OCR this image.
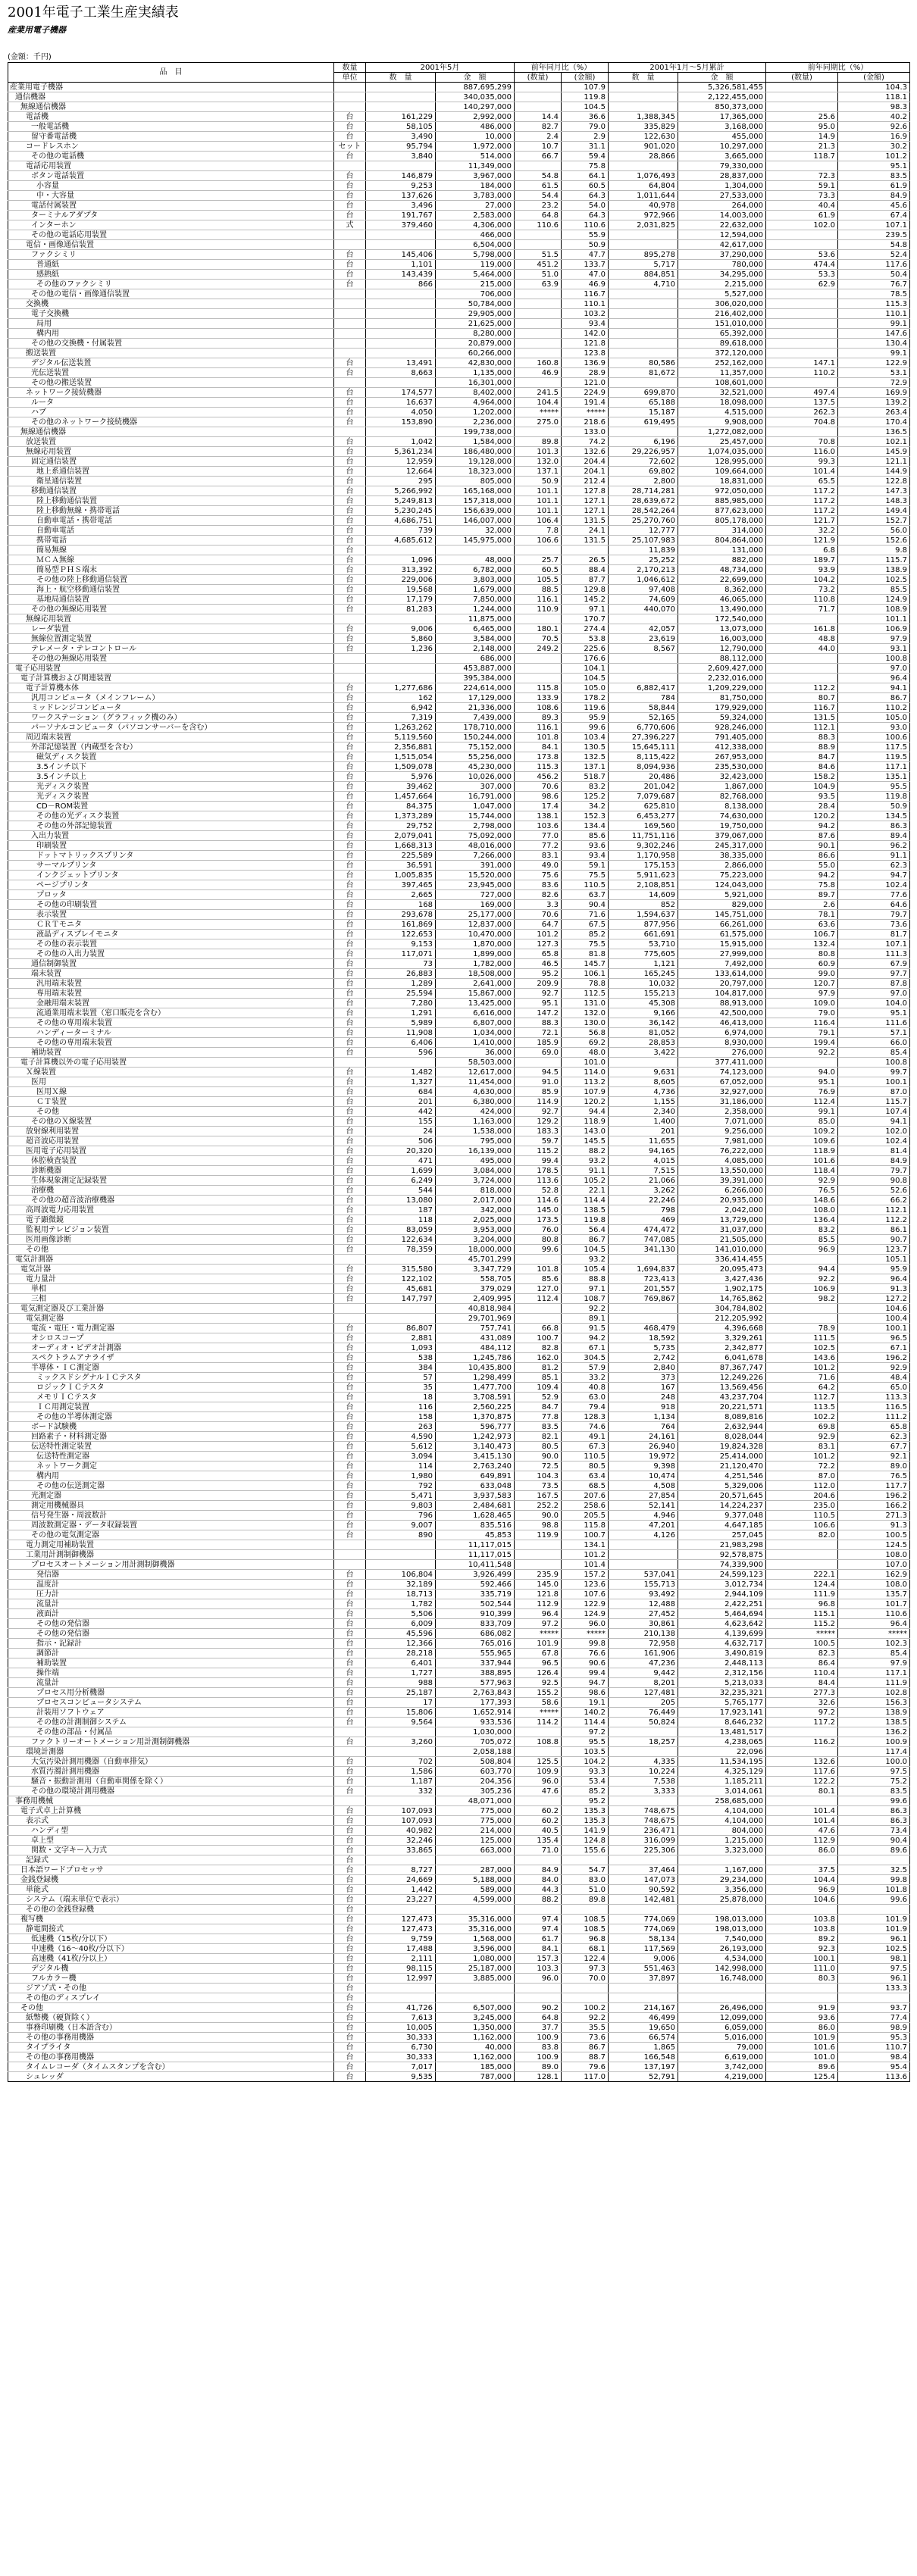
2001年電子工業生産実績表
産業用電子機器
(金額：千円)
品　目	数量	2001年5月		前年同月比（%）		2001年1月～5月累計		前年同期比（%）	
	単位	数　量	金　額	(数量)	(金額)	数　量	金　額	(数量)	(金額)
産業用電子機器			887,695,299		107.9		5,326,581,455		104.3
通信機器			340,035,000		119.8		2,122,455,000		118.1
無線通信機器			140,297,000		104.5		850,373,000		98.3
電話機	台	161,229	2,992,000	14.4	36.6	1,388,345	17,365,000	25.6	40.2
一般電話機	台	58,105	486,000	82.7	79.0	335,829	3,168,000	95.0	92.6
留守番電話機	台	3,490	10,000	2.4	2.9	122,630	455,000	14.9	16.9
コードレスホン	セット	95,794	1,972,000	10.7	31.1	901,020	10,297,000	21.3	30.2
その他の電話機	台	3,840	514,000	66.7	59.4	28,866	3,665,000	118.7	101.2
電話応用装置			11,349,000		75.8		79,330,000		95.1
ボタン電話装置	台	146,879	3,967,000	54.8	64.1	1,076,493	28,837,000	72.3	83.5
小容量	台	9,253	184,000	61.5	60.5	64,804	1,304,000	59.1	61.9
中・大容量	台	137,626	3,783,000	54.4	64.3	1,011,644	27,533,000	73.3	84.9
電話付属装置	台	3,496	27,000	23.2	54.0	40,978	264,000	40.4	45.6
ターミナルアダプタ	台	191,767	2,583,000	64.8	64.3	972,966	14,003,000	61.9	67.4
インターホン	式	379,460	4,306,000	110.6	110.6	2,031,825	22,632,000	102.0	107.1
その他の電話応用装置			466,000		55.9		12,594,000		239.5
電信・画像通信装置			6,504,000		50.9		42,617,000		54.8
ファクシミリ	台	145,406	5,798,000	51.5	47.7	895,278	37,290,000	53.6	52.4
普通紙	台	1,101	119,000	451.2	133.7	5,717	780,000	474.4	117.6
感熱紙	台	143,439	5,464,000	51.0	47.0	884,851	34,295,000	53.3	50.4
その他のファクシミリ	台	866	215,000	63.9	46.9	4,710	2,215,000	62.9	76.7
その他の電信・画像通信装置			706,000		116.7		5,527,000		78.5
交換機			50,784,000		110.1		306,020,000		115.3
電子交換機			29,905,000		103.2		216,402,000		110.1
局用			21,625,000		93.4		151,010,000		99.1
構内用			8,280,000		142.0		65,392,000		147.6
その他の交換機・付属装置			20,879,000		121.8		89,618,000		130.4
搬送装置			60,266,000		123.8		372,120,000		99.1
デジタル伝送装置	台	13,491	42,830,000	160.8	136.9	80,586	252,162,000	147.1	122.9
光伝送装置	台	8,663	1,135,000	46.9	28.9	81,672	11,357,000	110.2	53.1
その他の搬送装置			16,301,000		121.0		108,601,000		72.9
ネットワーク接続機器	台	174,577	8,402,000	241.5	224.9	699,870	32,521,000	497.4	169.9
ルータ	台	16,637	4,964,000	104.4	191.4	65,188	18,098,000	137.5	139.2
ハブ	台	4,050	1,202,000	*****	*****	15,187	4,515,000	262.3	263.4
その他のネットワーク接続機器	台	153,890	2,236,000	275.0	218.6	619,495	9,908,000	704.8	170.4
無線通信機器			199,738,000		133.0		1,272,082,000		136.5
放送装置	台	1,042	1,584,000	89.8	74.2	6,196	25,457,000	70.8	102.1
無線応用装置	台	5,361,234	186,480,000	101.3	132.6	29,226,957	1,074,035,000	116.0	145.9
固定通信装置	台	12,959	19,128,000	132.0	204.4	72,602	128,995,000	99.3	121.1
地上系通信装置	台	12,664	18,323,000	137.1	204.1	69,802	109,664,000	101.4	144.9
衛星通信装置	台	295	805,000	50.9	212.4	2,800	18,831,000	65.5	122.8
移動通信装置	台	5,266,992	165,168,000	101.1	127.8	28,714,281	972,050,000	117.2	147.3
陸上移動通信装置	台	5,249,813	157,318,000	101.1	127.1	28,639,672	885,985,000	117.2	148.3
陸上移動無線・携帯電話	台	5,230,245	156,639,000	101.1	127.1	28,542,264	877,623,000	117.2	149.4
自動車電話・携帯電話	台	4,686,751	146,007,000	106.4	131.5	25,270,760	805,178,000	121.7	152.7
自動車電話	台	739	32,000	7.8	24.1	12,777	314,000	32.2	56.0
携帯電話	台	4,685,612	145,975,000	106.6	131.5	25,107,983	804,864,000	121.9	152.6
簡易無線	台					11,839	131,000	6.8	9.8
ＭＣＡ無線	台	1,096	48,000	25.7	26.5	25,252	882,000	189.7	115.7
簡易型ＰＨＳ端末	台	313,392	6,782,000	60.5	88.4	2,170,213	48,734,000	93.9	138.9
その他の陸上移動通信装置	台	229,006	3,803,000	105.5	87.7	1,046,612	22,699,000	104.2	102.5
海上・航空移動通信装置	台	19,568	1,679,000	88.5	129.8	97,408	8,362,000	73.2	85.5
基地局通信装置	台	17,179	7,850,000	116.1	145.2	74,609	46,065,000	110.8	124.9
その他の無線応用装置	台	81,283	1,244,000	110.9	97.1	440,070	13,490,000	71.7	108.9
無線応用装置			11,875,000		170.7		172,540,000		101.1
レーダ装置	台	9,006	6,465,000	180.1	274.4	42,057	13,073,000	161.8	106.9
無線位置測定装置	台	5,860	3,584,000	70.5	53.8	23,619	16,003,000	48.8	97.9
テレメータ・テレコントロール	台	1,236	2,148,000	249.2	225.6	8,567	12,790,000	44.0	93.1
その他の無線応用装置			686,000		176.6		88,112,000		100.8
電子応用装置			453,887,000		104.1		2,609,427,000		97.0
電子計算機および関連装置			395,384,000		104.5		2,232,016,000		96.4
電子計算機本体	台	1,277,686	224,614,000	115.8	105.0	6,882,417	1,209,229,000	112.2	94.1
汎用コンピュータ（メインフレーム）	台	162	17,129,000	133.9	178.2	784	81,750,000	80.7	86.7
ミッドレンジコンピュータ	台	6,942	21,336,000	108.6	119.6	58,844	179,929,000	116.7	110.2
ワークステーション（グラフィック機のみ）	台	7,319	7,439,000	89.3	95.9	52,165	59,324,000	131.5	105.0
パーソナルコンピュータ（パソコンサーバーを含む）	台	1,263,262	178,710,000	116.1	99.6	6,770,606	928,246,000	112.1	93.0
周辺端末装置	台	5,119,560	150,244,000	101.8	103.4	27,396,227	791,405,000	88.3	100.6
外部記憶装置（内蔵型を含む）	台	2,356,881	75,152,000	84.1	130.5	15,645,111	412,338,000	88.9	117.5
磁気ディスク装置	台	1,515,054	55,256,000	173.8	132.5	8,115,422	267,953,000	84.7	119.5
3.5インチ以下	台	1,509,078	45,230,000	115.3	137.1	8,094,936	235,530,000	84.6	117.1
3.5インチ以上	台	5,976	10,026,000	456.2	518.7	20,486	32,423,000	158.2	135.1
光ディスク装置	台	39,462	307,000	70.6	83.2	201,042	1,867,000	104.9	95.5
光ディスク装置	台	1,457,664	16,791,000	98.6	125.2	7,079,687	82,768,000	93.5	119.8
CD－ROM装置	台	84,375	1,047,000	17.4	34.2	625,810	8,138,000	28.4	50.9
その他の光ディスク装置	台	1,373,289	15,744,000	138.1	152.3	6,453,277	74,630,000	120.2	134.5
その他の外部記憶装置	台	29,752	2,798,000	103.6	134.4	169,560	19,750,000	94.2	86.3
入出力装置	台	2,079,041	75,092,000	77.0	85.6	11,751,116	379,067,000	87.6	89.4
印刷装置	台	1,668,313	48,016,000	77.2	93.6	9,302,246	245,317,000	90.1	96.2
ドットマトリックスプリンタ	台	225,589	7,266,000	83.1	93.4	1,170,958	38,335,000	86.6	91.1
サーマルプリンタ	台	36,591	391,000	49.0	59.1	175,153	2,866,000	55.0	62.3
インクジェットプリンタ	台	1,005,835	15,520,000	75.6	75.5	5,911,623	75,223,000	94.2	94.7
ページプリンタ	台	397,465	23,945,000	83.6	110.5	2,108,851	124,043,000	75.8	102.4
プロッタ	台	2,665	727,000	82.6	63.7	14,609	5,921,000	89.7	77.6
その他の印刷装置	台	168	169,000	3.3	90.4	852	829,000	2.6	64.6
表示装置	台	293,678	25,177,000	70.6	71.6	1,594,637	145,751,000	78.1	79.7
ＣＲＴモニタ	台	161,869	12,837,000	64.7	67.5	877,956	66,261,000	63.6	73.6
液晶ディスプレイモニタ	台	122,653	10,470,000	101.2	85.2	661,691	61,575,000	106.7	81.7
その他の表示装置	台	9,153	1,870,000	127.3	75.5	53,710	15,915,000	132.4	107.1
その他の入出力装置	台	117,071	1,899,000	65.8	81.8	775,605	27,999,000	80.8	111.3
通信制御装置	台	73	1,782,000	46.5	145.7	1,121	7,492,000	60.9	67.9
端末装置	台	26,883	18,508,000	95.2	106.1	165,245	133,614,000	99.0	97.7
汎用端末装置	台	1,289	2,641,000	209.9	78.8	10,032	20,797,000	120.7	87.8
専用端末装置	台	25,594	15,867,000	92.7	112.5	155,213	104,817,000	97.9	97.0
金融用端末装置	台	7,280	13,425,000	95.1	131.0	45,308	88,913,000	109.0	104.0
流通業用端末装置（窓口販売を含む）	台	1,291	6,616,000	147.2	132.0	9,166	42,500,000	79.0	95.1
その他の専用端末装置	台	5,989	6,807,000	88.3	130.0	36,142	46,413,000	116.4	111.6
ハンディーターミナル	台	11,908	1,034,000	72.1	56.8	81,052	6,974,000	79.1	57.1
その他の専用端末装置	台	6,406	1,410,000	185.9	69.2	28,853	8,930,000	199.4	66.0
補助装置	台	596	36,000	69.0	48.0	3,422	276,000	92.2	85.4
電子計算機以外の電子応用装置			58,503,000		101.0		377,411,000		100.8
Ｘ線装置	台	1,482	12,617,000	94.5	114.0	9,631	74,123,000	94.0	99.7
医用	台	1,327	11,454,000	91.0	113.2	8,605	67,052,000	95.1	100.1
医用Ｘ線	台	684	4,630,000	85.9	107.9	4,736	32,927,000	76.9	87.0
ＣＴ装置	台	201	6,380,000	114.9	120.2	1,155	31,186,000	112.4	115.7
その他	台	442	424,000	92.7	94.4	2,340	2,358,000	99.1	107.4
その他のＸ線装置	台	155	1,163,000	129.2	118.9	1,400	7,071,000	85.0	94.1
放射線利用装置	台	24	1,538,000	183.3	143.0	201	9,256,000	109.2	102.0
超音波応用装置	台	506	795,000	59.7	145.5	11,655	7,981,000	109.6	102.4
医用電子応用装置	台	20,320	16,139,000	115.2	88.2	94,165	76,222,000	118.9	81.4
体腔検査装置	台	471	495,000	99.4	93.2	4,015	4,085,000	101.6	84.9
診断機器	台	1,699	3,084,000	178.5	91.1	7,515	13,550,000	118.4	79.7
生体現象測定記録装置	台	6,249	3,724,000	113.6	105.2	21,066	39,391,000	92.9	90.8
治療機	台	544	818,000	52.8	22.1	3,262	6,266,000	76.5	52.6
その他の超音波治療機器	台	13,080	2,017,000	114.6	114.4	22,246	20,935,000	148.6	66.2
高周波電力応用装置	台	187	342,000	145.0	138.5	798	2,042,000	108.0	112.1
電子顕微鏡	台	118	2,025,000	173.5	119.8	469	13,729,000	136.4	112.2
監視用テレビジョン装置	台	83,059	3,953,000	76.0	56.4	474,472	31,037,000	83.2	86.1
医用画像診断	台	122,634	3,204,000	80.8	86.7	747,085	21,505,000	85.5	90.7
その他	台	78,359	18,000,000	99.6	104.5	341,130	141,010,000	96.9	123.7
電気計測器			45,701,299		93.2		336,414,455		105.1
電気計器	台	315,580	3,347,729	101.8	105.4	1,694,837	20,095,473	94.4	95.9
電力量計	台	122,102	558,705	85.6	88.8	723,413	3,427,436	92.2	96.4
単相	台	45,681	379,029	127.0	97.1	201,557	1,902,175	106.9	91.3
三相	台	147,797	2,409,995	112.4	108.7	769,867	14,765,862	98.2	127.2
電気測定器及び工業計器			40,818,984		92.2		304,784,802		104.6
電気測定器			29,701,969		89.1		212,205,992		100.4
電流・電圧・電力測定器	台	86,807	757,741	66.8	91.5	468,479	4,396,668	78.9	100.1
オシロスコープ	台	2,881	431,089	100.7	94.2	18,592	3,329,261	111.5	96.5
オーディオ・ビデオ計測器	台	1,093	484,112	82.8	67.1	5,735	2,342,877	102.5	67.1
スペクトラムアナライザ	台	538	1,245,786	162.0	304.5	2,742	6,041,678	143.6	196.2
半導体・ＩＣ測定器	台	384	10,435,800	81.2	57.9	2,840	87,367,747	101.2	92.9
ミックスドシグナルＩＣテスタ	台	57	1,298,499	85.1	33.2	373	12,249,226	71.6	48.4
ロジックＩＣテスタ	台	35	1,477,700	109.4	40.8	167	13,569,456	64.2	65.0
メモリＩＣテスタ	台	18	3,708,591	52.9	63.0	248	43,237,704	112.7	113.3
ＩＣ用測定装置	台	116	2,560,225	84.7	79.4	918	20,221,571	113.5	116.5
その他の半導体測定器	台	158	1,370,875	77.8	128.3	1,134	8,089,816	102.2	111.2
ボード試験機	台	263	596,777	83.5	74.6	764	2,632,944	69.8	65.8
回路素子・材料測定器	台	4,590	1,242,973	82.1	49.1	24,161	8,028,044	92.9	62.3
伝送特性測定装置	台	5,612	3,140,473	80.5	67.3	26,940	19,824,328	83.1	67.7
伝送特性測定器	台	3,094	3,415,130	90.0	110.5	19,972	25,414,000	101.2	92.1
ネットワーク測定	台	114	2,763,240	72.5	80.5	9,398	21,120,470	72.2	89.0
構内用	台	1,980	649,891	104.3	63.4	10,474	4,251,546	87.0	76.5
その他の伝送測定器	台	792	633,048	73.5	68.5	4,508	5,329,006	112.0	117.7
光測定器	台	5,471	3,937,583	167.5	207.6	27,854	20,571,645	204.6	196.2
測定用機械器具	台	9,803	2,484,681	252.2	258.6	52,141	14,224,237	235.0	166.2
信号発生器・周波数計	台	796	1,628,465	90.0	205.5	4,946	9,377,048	110.5	271.3
周波数測定器・データ収録装置	台	9,007	835,516	98.8	115.8	47,201	4,647,185	106.6	91.3
その他の電気測定器	台	890	45,853	119.9	100.7	4,126	257,045	82.0	100.5
電力測定用補助装置			11,117,015		134.1		21,983,298		124.5
工業用計測制御機器			11,117,015		101.2		92,578,875		108.0
プロセスオートメーション用計測制御機器			10,411,548		101.4		74,339,900		107.0
発信器	台	106,804	3,926,499	235.9	157.2	537,041	24,599,123	222.1	162.9
温度計	台	32,189	592,466	145.0	123.6	155,713	3,012,734	124.4	108.0
圧力計	台	18,713	335,719	121.8	107.6	93,492	2,944,109	111.9	135.7
流量計	台	1,782	502,544	112.9	122.9	12,488	2,422,251	96.8	101.7
液面計	台	5,506	910,399	96.4	124.9	27,452	5,464,694	115.1	110.6
その他の発信器	台	6,009	833,709	97.2	96.0	30,861	4,623,642	115.2	96.4
その他の発信器	台	45,596	686,082	*****	*****	210,138	4,139,699	*****	*****
指示・記録計	台	12,366	765,016	101.9	99.8	72,958	4,632,717	100.5	102.3
調節計	台	28,218	555,965	67.8	76.6	161,906	3,490,819	82.3	85.4
補助装置	台	6,401	337,944	96.5	90.6	47,236	2,448,113	86.4	97.9
操作端	台	1,727	388,895	126.4	99.4	9,442	2,312,156	110.4	117.1
流量計	台	988	577,963	92.5	94.7	8,201	5,213,033	84.4	111.9
プロセス用分析機器	台	25,187	2,763,843	155.2	98.6	127,481	32,235,321	277.3	102.8
プロセスコンピュータシステム	台	17	177,393	58.6	19.1	205	5,765,177	32.6	156.3
計装用ソフトウェア	台	15,806	1,652,914	*****	140.2	76,449	17,923,141	97.2	138.9
その他の計測制御システム	台	9,564	933,536	114.2	114.4	50,824	8,646,232	117.2	138.5
その他の部品・付属品			1,030,000		97.2		13,481,517		136.2
ファクトリーオートメーション用計測制御機器	台	3,260	705,072	108.8	95.5	18,257	4,238,065	116.2	100.9
環境計測器			2,058,188		103.5		22,096		117.4
大気汚染計測用機器（自動車排気）	台	702	508,804	125.5	104.2	4,335	11,534,195	132.6	100.0
水質汚濁計測用機器	台	1,586	603,770	109.9	93.3	10,224	4,325,129	117.6	97.5
騒音・振動計測用（自動車関係を除く）	台	1,187	204,356	96.0	53.4	7,538	1,185,211	122.2	75.2
その他の環境計測用機器	台	332	305,236	47.6	85.2	3,333	3,014,061	80.1	83.5
事務用機械			48,071,000		95.2		258,685,000		99.6
電子式卓上計算機	台	107,093	775,000	60.2	135.3	748,675	4,104,000	101.4	86.3
表示式	台	107,093	775,000	60.2	135.3	748,675	4,104,000	101.4	86.3
ハンディ型	台	40,982	214,000	40.5	141.9	236,471	804,000	47.6	73.4
卓上型	台	32,246	125,000	135.4	124.8	316,099	1,215,000	112.9	90.4
関数・文字キー入力式	台	33,865	663,000	71.0	155.6	225,306	3,323,000	86.0	89.6
記録式	台								
日本語ワードプロセッサ	台	8,727	287,000	84.9	54.7	37,464	1,167,000	37.5	32.5
金銭登録機	台	24,669	5,188,000	84.0	83.0	147,073	29,234,000	104.4	99.8
単能式	台	1,442	589,000	44.3	51.0	90,592	3,356,000	96.9	101.8
システム（端末単位で表示）	台	23,227	4,599,000	88.2	89.8	142,481	25,878,000	104.6	99.6
その他の金銭登録機	台								
複写機	台	127,473	35,316,000	97.4	108.5	774,069	198,013,000	103.8	101.9
静電間接式	台	127,473	35,316,000	97.4	108.5	774,069	198,013,000	103.8	101.9
低速機（15枚/分以下）	台	9,759	1,568,000	61.7	96.8	58,134	7,540,000	89.2	96.1
中速機（16～40枚/分以下）	台	17,488	3,596,000	84.1	68.1	117,569	26,193,000	92.3	102.5
高速機（41枚/分以上）	台	2,111	1,080,000	157.3	122.4	9,006	4,534,000	100.1	98.1
デジタル機	台	98,115	25,187,000	103.3	97.3	551,463	142,998,000	111.0	97.5
フルカラー機	台	12,997	3,885,000	96.0	70.0	37,897	16,748,000	80.3	96.1
ジアゾ式・その他	台								133.3
その他のディスプレイ	台								
その他	台	41,726	6,507,000	90.2	100.2	214,167	26,496,000	91.9	93.7
紙幣機（硬貨除く）	台	7,613	3,245,000	64.8	92.2	46,499	12,099,000	93.6	77.4
事務印刷機（日本語含む）	台	10,005	1,350,000	37.7	35.5	19,650	6,059,000	86.0	98.9
その他の事務用機器	台	30,333	1,162,000	100.9	73.6	66,574	5,016,000	101.9	95.3
タイプライタ	台	6,730	40,000	83.8	86.7	1,865	79,000	101.6	110.7
その他の事務用機器	台	30,333	1,162,000	100.9	88.7	166,548	6,619,000	101.0	98.4
タイムレコーダ（タイムスタンプを含む）	台	7,017	185,000	89.0	79.6	137,197	3,742,000	89.6	95.4
シュレッダ	台	9,535	787,000	128.1	117.0	52,791	4,219,000	125.4	113.6
